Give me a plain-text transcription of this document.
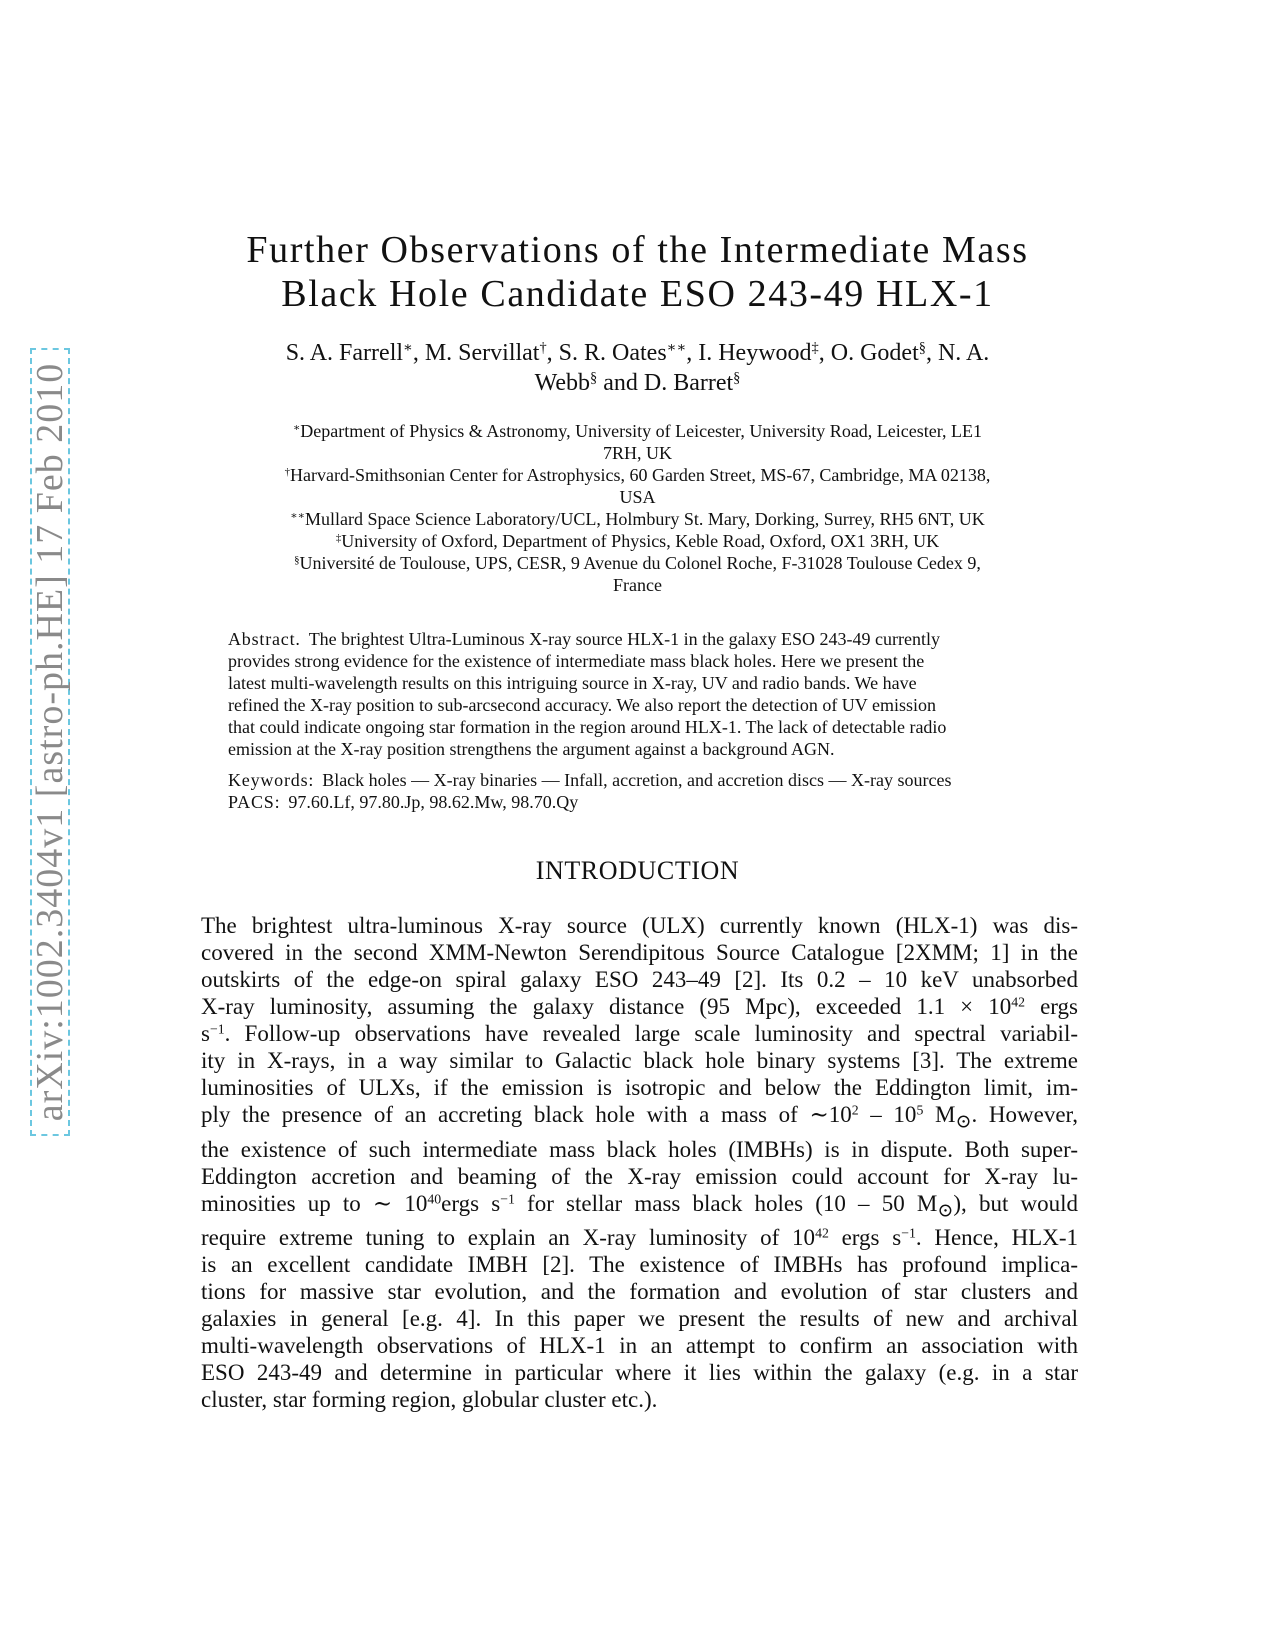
arXiv:1002.3404v1 [astro-ph.HE] 17 Feb 2010
Further Observations of the Intermediate Mass
Black Hole Candidate ESO 243-49 HLX-1
S. A. Farrell∗, M. Servillat†, S. R. Oates∗∗, I. Heywood‡, O. Godet§, N. A.
Webb§ and D. Barret§
∗Department of Physics & Astronomy, University of Leicester, University Road, Leicester, LE1
7RH, UK
†Harvard-Smithsonian Center for Astrophysics, 60 Garden Street, MS-67, Cambridge, MA 02138,
USA
∗∗Mullard Space Science Laboratory/UCL, Holmbury St. Mary, Dorking, Surrey, RH5 6NT, UK
‡University of Oxford, Department of Physics, Keble Road, Oxford, OX1 3RH, UK
§Université de Toulouse, UPS, CESR, 9 Avenue du Colonel Roche, F-31028 Toulouse Cedex 9,
France
Abstract. The brightest Ultra-Luminous X-ray source HLX-1 in the galaxy ESO 243-49 currently
provides strong evidence for the existence of intermediate mass black holes. Here we present the
latest multi-wavelength results on this intriguing source in X-ray, UV and radio bands. We have
refined the X-ray position to sub-arcsecond accuracy. We also report the detection of UV emission
that could indicate ongoing star formation in the region around HLX-1. The lack of detectable radio
emission at the X-ray position strengthens the argument against a background AGN.
Keywords: Black holes — X-ray binaries — Infall, accretion, and accretion discs — X-ray sources
PACS: 97.60.Lf, 97.80.Jp, 98.62.Mw, 98.70.Qy
INTRODUCTION
The brightest ultra-luminous X-ray source (ULX) currently known (HLX-1) was dis-
covered in the second XMM-Newton Serendipitous Source Catalogue [2XMM; 1] in the
outskirts of the edge-on spiral galaxy ESO 243–49 [2]. Its 0.2 – 10 keV unabsorbed
X-ray luminosity, assuming the galaxy distance (95 Mpc), exceeded $1.1 \times 10^{42}$ ergs
$s^{-1}$. Follow-up observations have revealed large scale luminosity and spectral variabil-
ity in X-rays, in a way similar to Galactic black hole binary systems [3]. The extreme
luminosities of ULXs, if the emission is isotropic and below the Eddington limit, im-
ply the presence of an accreting black hole with a mass of $\sim 10^2 - 10^5$ $M_⊙$. However,
the existence of such intermediate mass black holes (IMBHs) is in dispute. Both super-
Eddington accretion and beaming of the X-ray emission could account for X-ray lu-
minosities up to ∼ $10^{40}ergs$ $s^{-1}$ for stellar mass black holes (10 – 50 $M_⊙$), but would
require extreme tuning to explain an X-ray luminosity of $10^{42}$ ergs $s^{-1}$. Hence, HLX-1
is an excellent candidate IMBH [2]. The existence of IMBHs has profound implica-
tions for massive star evolution, and the formation and evolution of star clusters and
galaxies in general [e.g. 4]. In this paper we present the results of new and archival
multi-wavelength observations of HLX-1 in an attempt to confirm an association with
ESO 243-49 and determine in particular where it lies within the galaxy (e.g. in a star
cluster, star forming region, globular cluster etc.).
